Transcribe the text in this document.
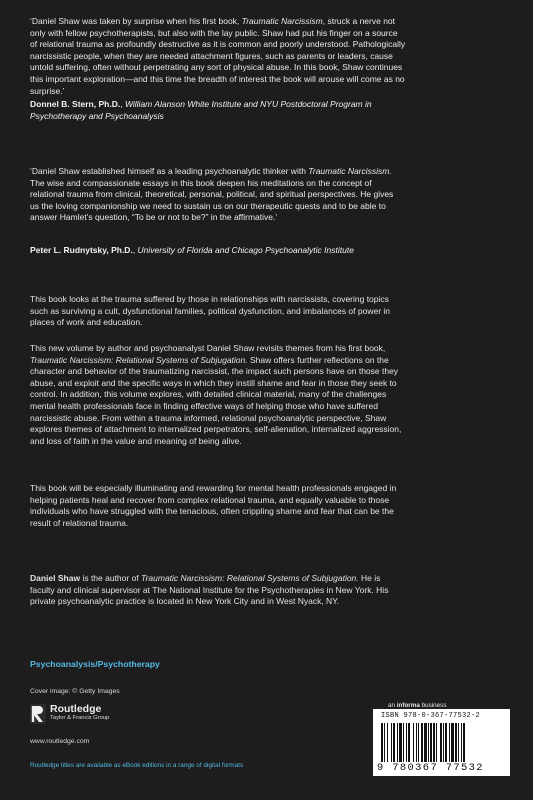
‘Daniel Shaw was taken by surprise when his first book, Traumatic Narcissism, struck a nerve not
only with fellow psychotherapists, but also with the lay public. Shaw had put his finger on a source
of relational trauma as profoundly destructive as it is common and poorly understood. Pathologically
narcissistic people, when they are needed attachment figures, such as parents or leaders, cause
untold suffering, often without perpetrating any sort of physical abuse. In this book, Shaw continues
this important exploration—and this time the breadth of interest the book will arouse will come as no
surprise.’
Donnel B. Stern, Ph.D., William Alanson White Institute and NYU Postdoctoral Program in
Psychotherapy and Psychoanalysis
‘Daniel Shaw established himself as a leading psychoanalytic thinker with Traumatic Narcissism.
The wise and compassionate essays in this book deepen his meditations on the concept of
relational trauma from clinical, theoretical, personal, political, and spiritual perspectives. He gives
us the loving companionship we need to sustain us on our therapeutic quests and to be able to
answer Hamlet’s question, “To be or not to be?” in the affirmative.’
Peter L. Rudnytsky, Ph.D., University of Florida and Chicago Psychoanalytic Institute
This book looks at the trauma suffered by those in relationships with narcissists, covering topics
such as surviving a cult, dysfunctional families, political dysfunction, and imbalances of power in
places of work and education.
This new volume by author and psychoanalyst Daniel Shaw revisits themes from his first book,
Traumatic Narcissism: Relational Systems of Subjugation. Shaw offers further reflections on the
character and behavior of the traumatizing narcissist, the impact such persons have on those they
abuse, and exploit and the specific ways in which they instill shame and fear in those they seek to
control. In addition, this volume explores, with detailed clinical material, many of the challenges
mental health professionals face in finding effective ways of helping those who have suffered
narcissistic abuse. From within a trauma informed, relational psychoanalytic perspective, Shaw
explores themes of attachment to internalized perpetrators, self-alienation, internalized aggression,
and loss of faith in the value and meaning of being alive.
This book will be especially illuminating and rewarding for mental health professionals engaged in
helping patients heal and recover from complex relational trauma, and equally valuable to those
individuals who have struggled with the tenacious, often crippling shame and fear that can be the
result of relational trauma.
Daniel Shaw is the author of Traumatic Narcissism: Relational Systems of Subjugation. He is
faculty and clinical supervisor at The National Institute for the Psychotherapies in New York. His
private psychoanalytic practice is located in New York City and in West Nyack, NY.
Psychoanalysis/Psychotherapy
Cover image: © Getty Images
Routledge
Taylor & Francis Group
www.routledge.com
an informa business
ISBN 978-0-367-77532-2
9 780367 77532
Routledge titles are available as eBook editions in a range of digital formats
